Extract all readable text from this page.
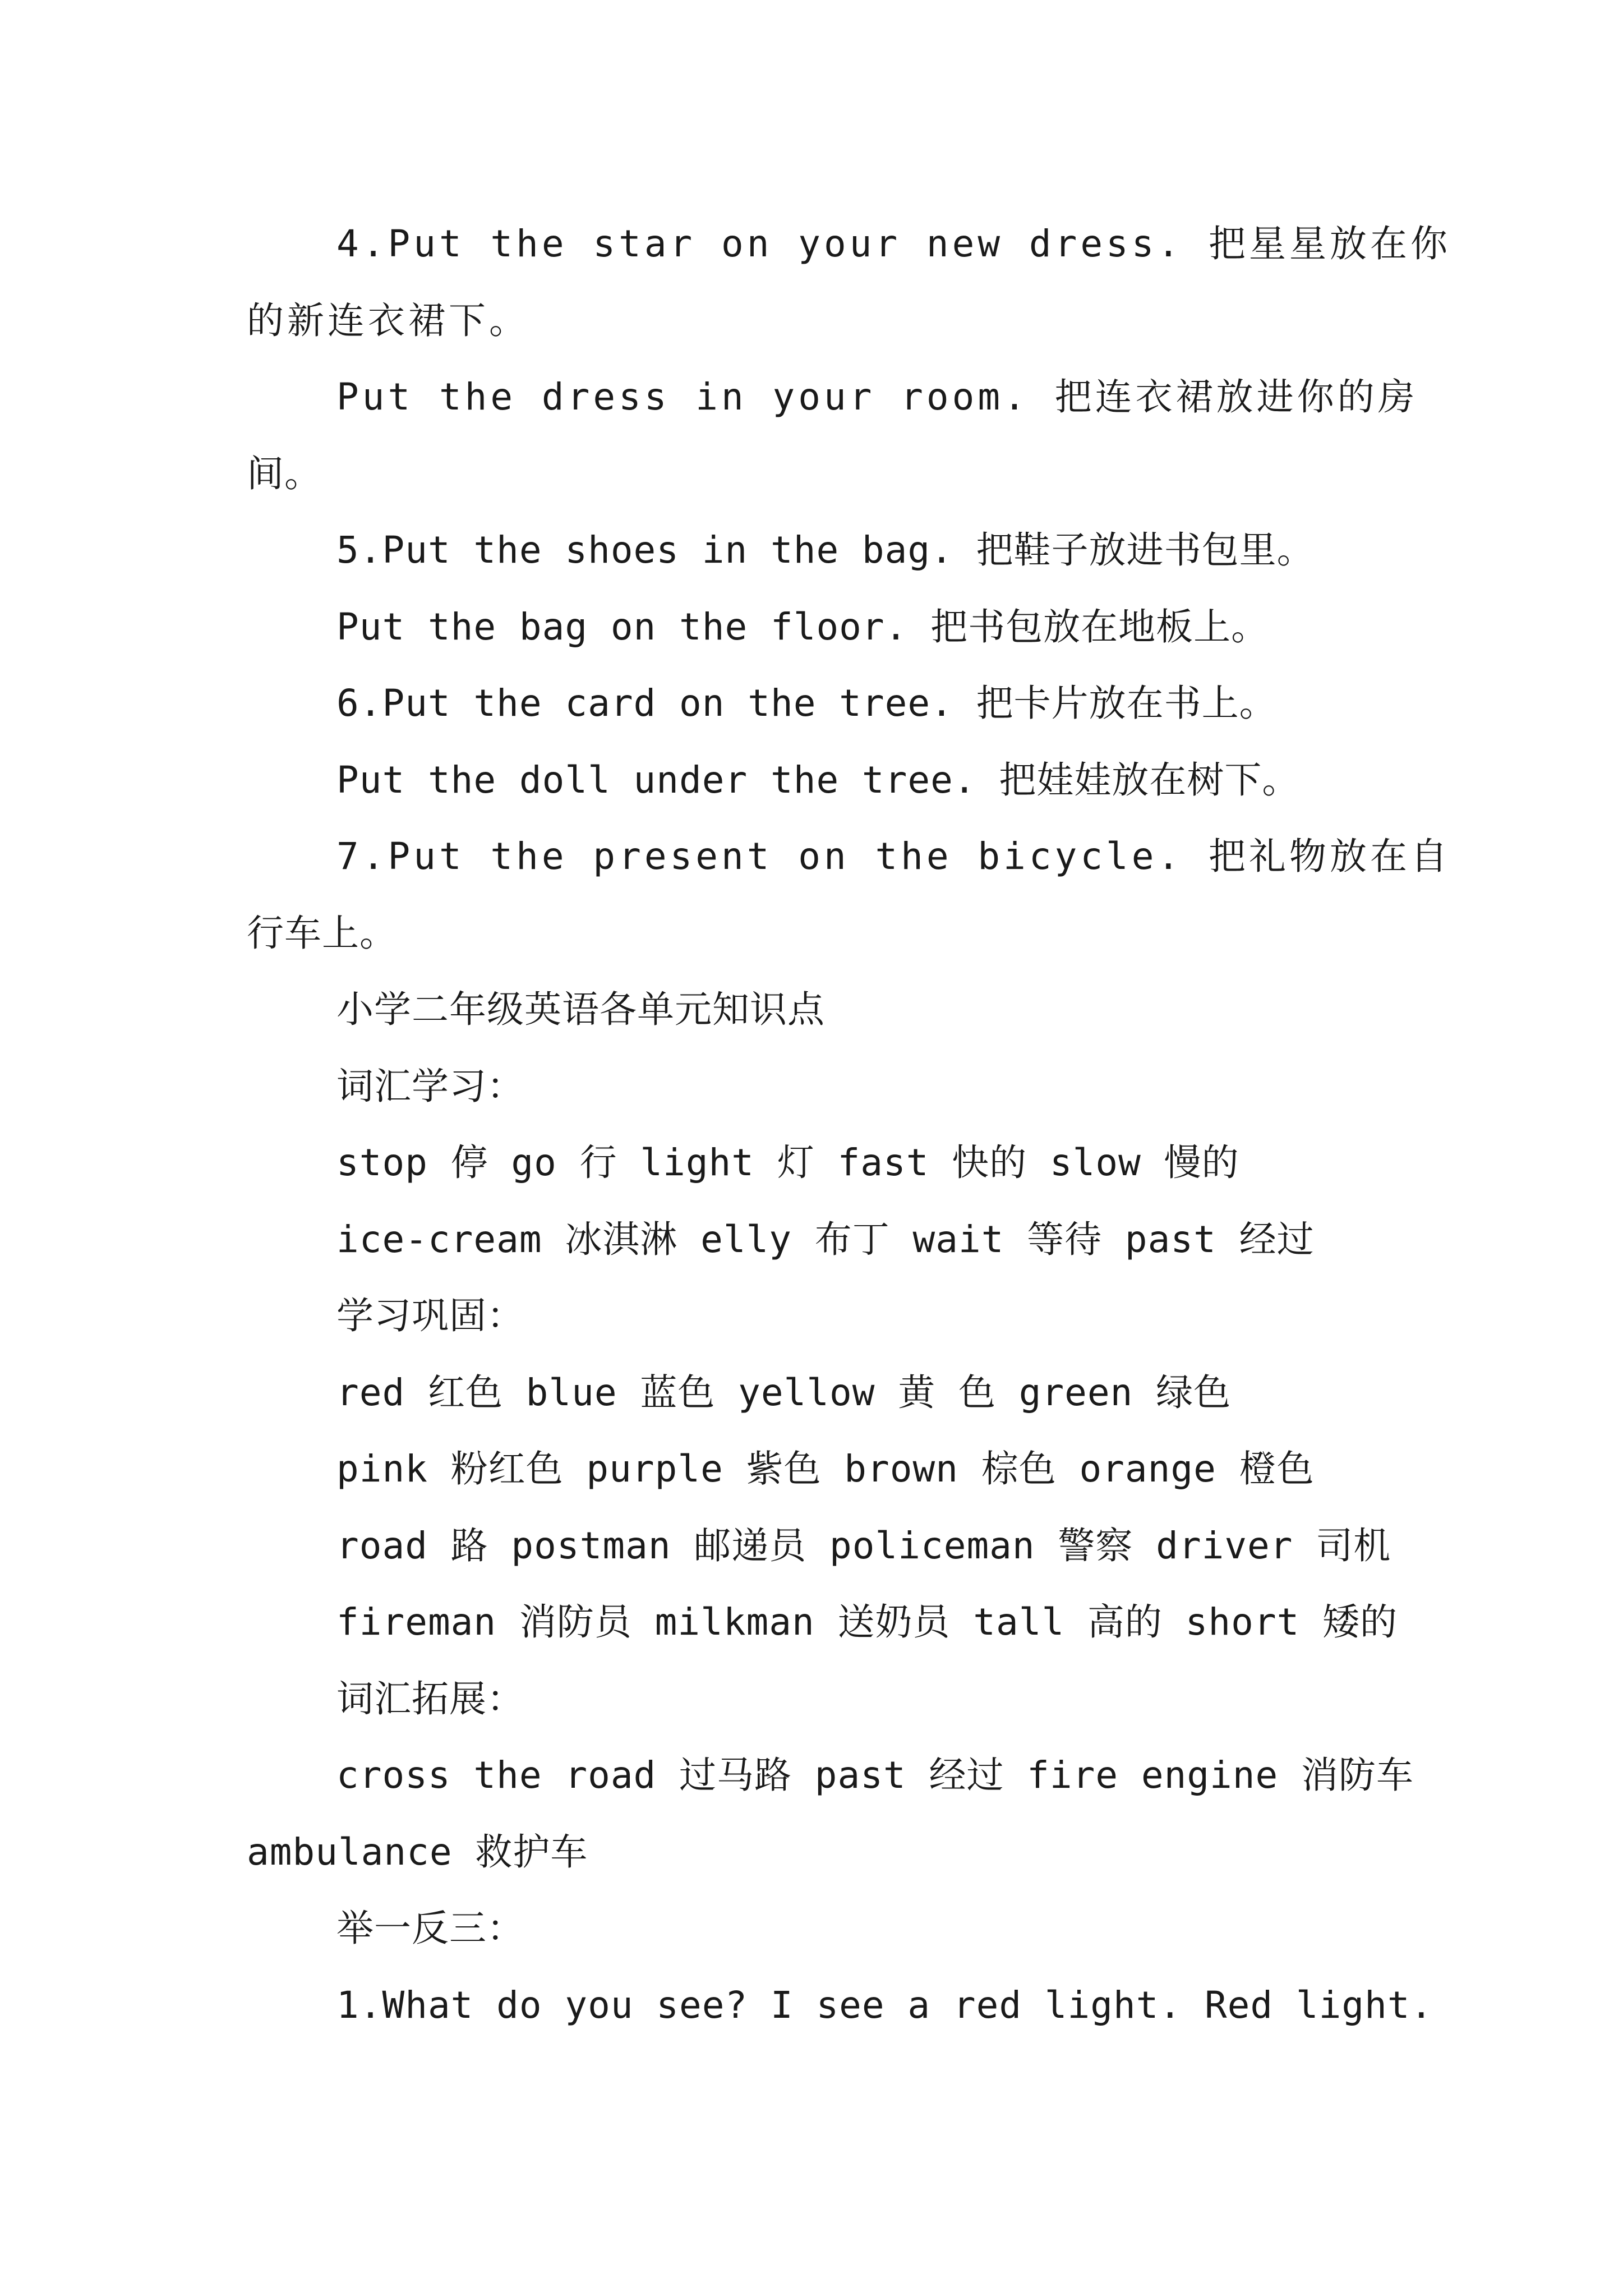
4.Put the star on your new dress. 把星星放在你
的新连衣裙下。
Put the dress in your room. 把连衣裙放进你的房
间。
5.Put the shoes in the bag. 把鞋子放进书包里。
Put the bag on the floor. 把书包放在地板上。
6.Put the card on the tree. 把卡片放在书上。
Put the doll under the tree. 把娃娃放在树下。
7.Put the present on the bicycle. 把礼物放在自
行车上。
小学二年级英语各单元知识点
词汇学习：
stop 停 go 行 light 灯 fast 快的 slow 慢的
ice-cream 冰淇淋 elly 布丁 wait 等待 past 经过
学习巩固：
red 红色 blue 蓝色 yellow 黄 色 green 绿色
pink 粉红色 purple 紫色 brown 棕色 orange 橙色
road 路 postman 邮递员 policeman 警察 driver 司机
fireman 消防员 milkman 送奶员 tall 高的 short 矮的
词汇拓展：
cross the road 过马路 past 经过 fire engine 消防车
ambulance 救护车
举一反三：
1.What do you see? I see a red light. Red light.
